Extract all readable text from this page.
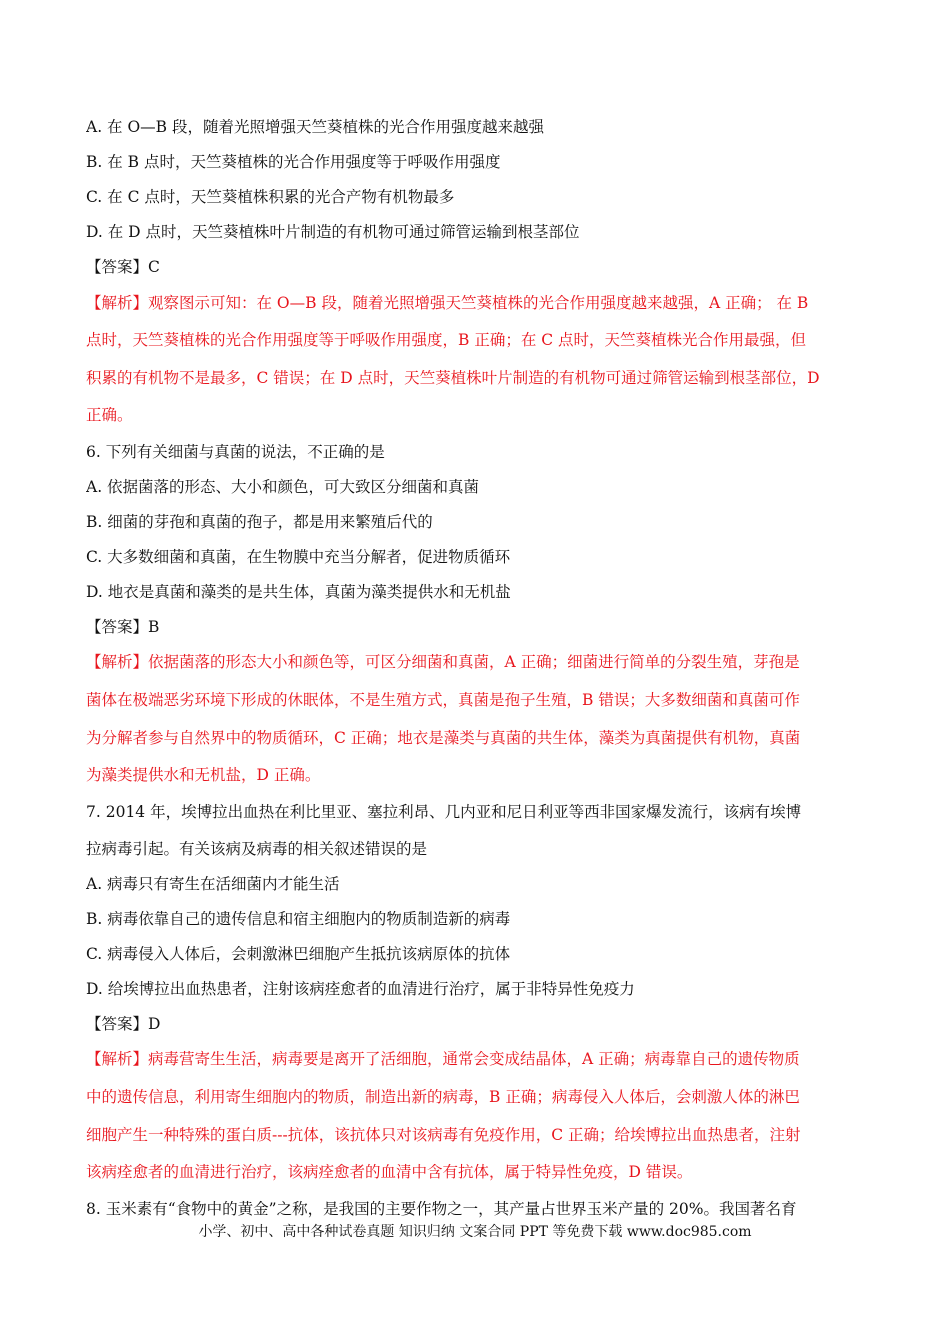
A. 在 O—B 段，随着光照增强天竺葵植株的光合作用强度越来越强
B. 在 B 点时，天竺葵植株的光合作用强度等于呼吸作用强度
C. 在 C 点时，天竺葵植株积累的光合产物有机物最多
D. 在 D 点时，天竺葵植株叶片制造的有机物可通过筛管运输到根茎部位
【答案】C
【解析】观察图示可知：在 O—B 段，随着光照增强天竺葵植株的光合作用强度越来越强，A 正确； 在 B
点时，天竺葵植株的光合作用强度等于呼吸作用强度，B 正确；在 C 点时，天竺葵植株光合作用最强，但
积累的有机物不是最多，C 错误；在 D 点时，天竺葵植株叶片制造的有机物可通过筛管运输到根茎部位，D
正确。
6. 下列有关细菌与真菌的说法，不正确的是
A. 依据菌落的形态、大小和颜色，可大致区分细菌和真菌
B. 细菌的芽孢和真菌的孢子，都是用来繁殖后代的
C. 大多数细菌和真菌，在生物膜中充当分解者，促进物质循环
D. 地衣是真菌和藻类的是共生体，真菌为藻类提供水和无机盐
【答案】B
【解析】依据菌落的形态大小和颜色等，可区分细菌和真菌，A 正确；细菌进行简单的分裂生殖，芽孢是
菌体在极端恶劣环境下形成的休眠体，不是生殖方式，真菌是孢子生殖，B 错误；大多数细菌和真菌可作
为分解者参与自然界中的物质循环，C 正确；地衣是藻类与真菌的共生体，藻类为真菌提供有机物，真菌
为藻类提供水和无机盐，D 正确。
7. 2014 年，埃博拉出血热在利比里亚、塞拉利昂、几内亚和尼日利亚等西非国家爆发流行，该病有埃博
拉病毒引起。有关该病及病毒的相关叙述错误的是
A. 病毒只有寄生在活细菌内才能生活
B. 病毒依靠自己的遗传信息和宿主细胞内的物质制造新的病毒
C. 病毒侵入人体后，会刺激淋巴细胞产生抵抗该病原体的抗体
D. 给埃博拉出血热患者，注射该病痊愈者的血清进行治疗，属于非特异性免疫力
【答案】D
【解析】病毒营寄生生活，病毒要是离开了活细胞，通常会变成结晶体，A 正确；病毒靠自己的遗传物质
中的遗传信息，利用寄生细胞内的物质，制造出新的病毒，B 正确；病毒侵入人体后，会刺激人体的淋巴
细胞产生一种特殊的蛋白质---抗体，该抗体只对该病毒有免疫作用，C 正确；给埃博拉出血热患者，注射
该病痊愈者的血清进行治疗，该病痊愈者的血清中含有抗体，属于特异性免疫，D 错误。
8. 玉米素有“食物中的黄金”之称，是我国的主要作物之一，其产量占世界玉米产量的 20%。我国著名育
小学、初中、高中各种试卷真题 知识归纳 文案合同 PPT 等免费下载 www.doc985.com
